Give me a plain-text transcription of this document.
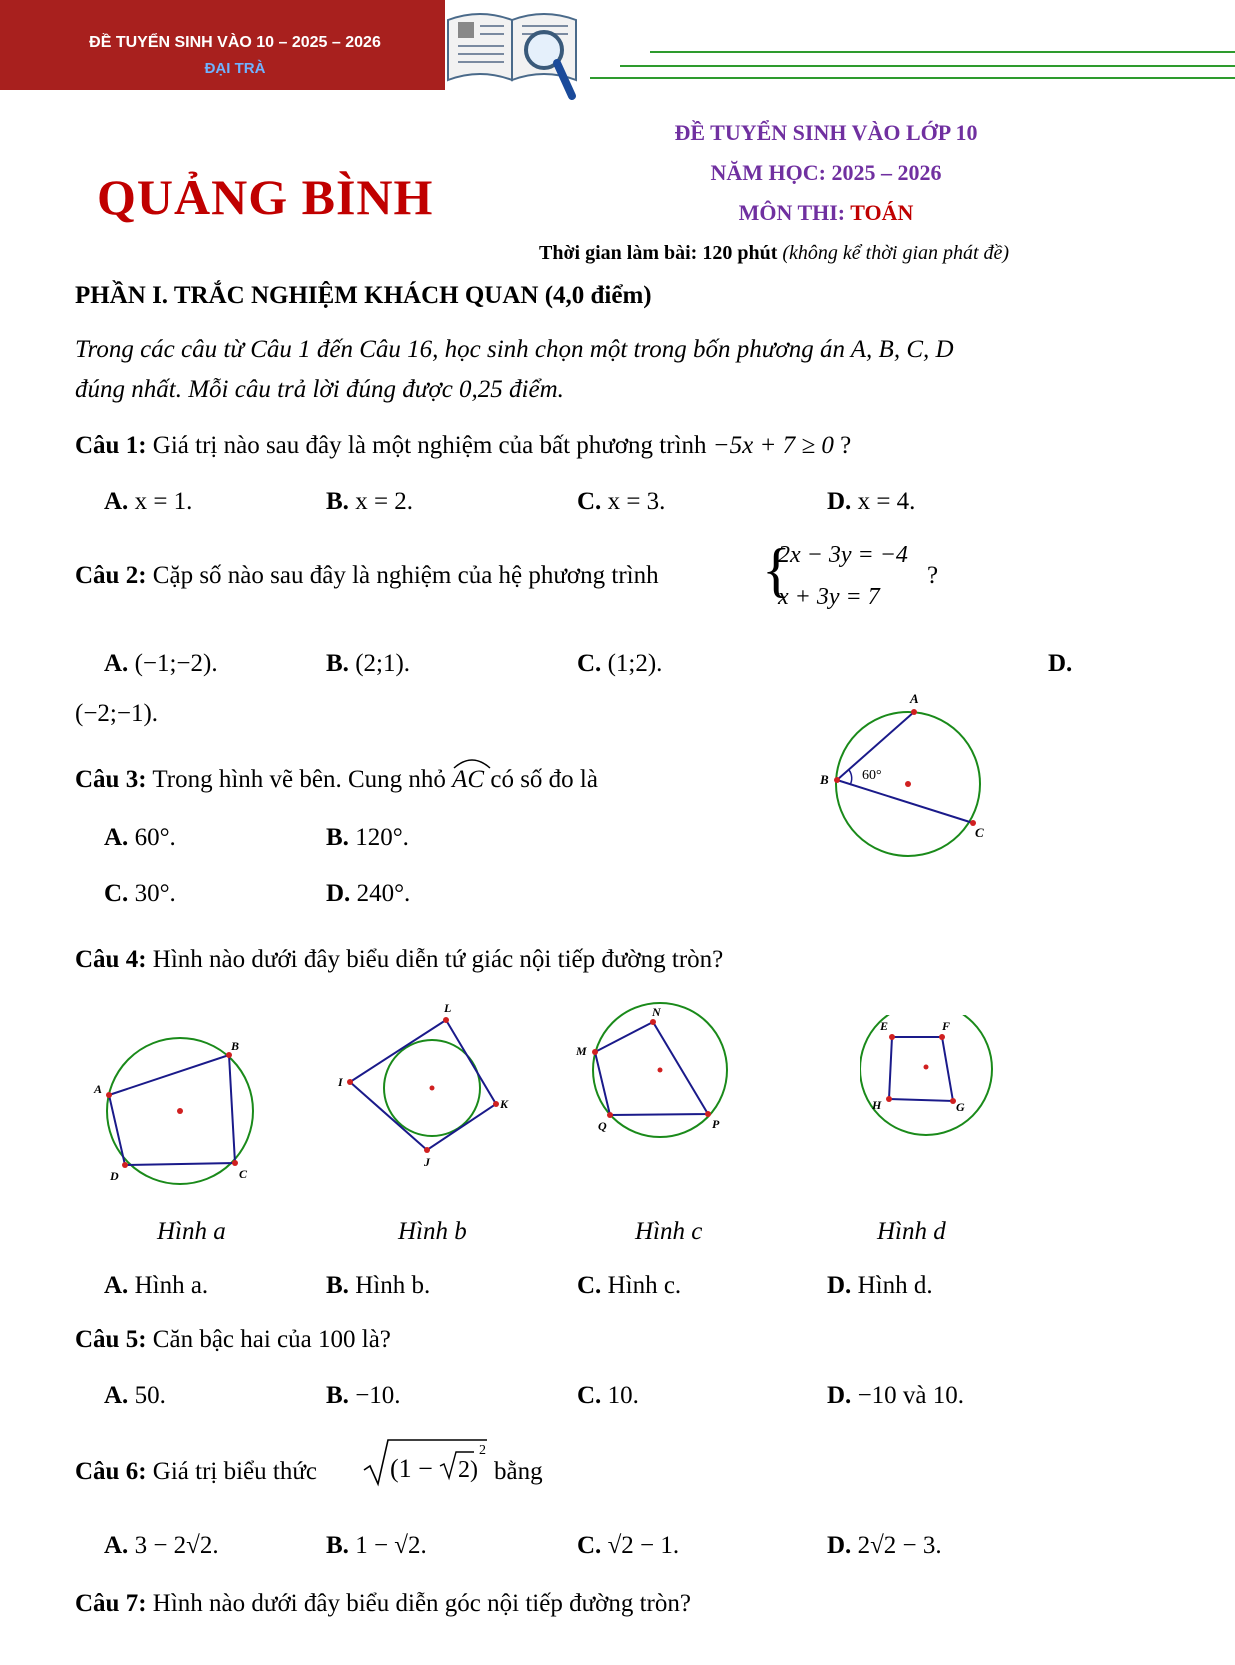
ĐỀ TUYỂN SINH VÀO 10 – 2025 – 2026
ĐẠI TRÀ
ĐỀ TUYỂN SINH VÀO LỚP 10
NĂM HỌC: 2025 – 2026
MÔN THI: TOÁN
QUẢNG BÌNH
Thời gian làm bài: 120 phút (không kể thời gian phát đề)
PHẦN I. TRẮC NGHIỆM KHÁCH QUAN (4,0 điểm)
Trong các câu từ Câu 1 đến Câu 16, học sinh chọn một trong bốn phương án A, B, C, D
đúng nhất. Mỗi câu trả lời đúng được 0,25 điểm.
Câu 1: Giá trị nào sau đây là một nghiệm của bất phương trình −5x + 7 ≥ 0 ?
A. x = 1.	B. x = 2.	C. x = 3.	D. x = 4.
Câu 2: Cặp số nào sau đây là nghiệm của hệ phương trình {
2x − 3y = −4
x + 3y = 7
?
A. (−1;−2).	B. (2;1).	C. (1;2).	D.
(−2;−1).
Câu 3: Trong hình vẽ bên. Cung nhỏ
AC có số đo là
A. 60°.	B. 120°.
C. 30°.	D. 240°.
A
B
C
60°
Câu 4: Hình nào dưới đây biểu diễn tứ giác nội tiếp đường tròn?
A
B
C
D
L
I
K
J
N
M
Q	P
E	F
H	G
Hình a	Hình b	Hình c	Hình d
A. Hình a.	B. Hình b.	C. Hình c.	D. Hình d.
Câu 5: Căn bậc hai của 100 là?
A. 50.	B. −10.	C. 10.	D. −10 và 10.
Câu 6: Giá trị biểu thức	(1 − 2)
2
bằng
A. 3 − 2√2.	B. 1 − √2.	C. √2 − 1.	D. 2√2 − 3.
Câu 7: Hình nào dưới đây biểu diễn góc nội tiếp đường tròn?
